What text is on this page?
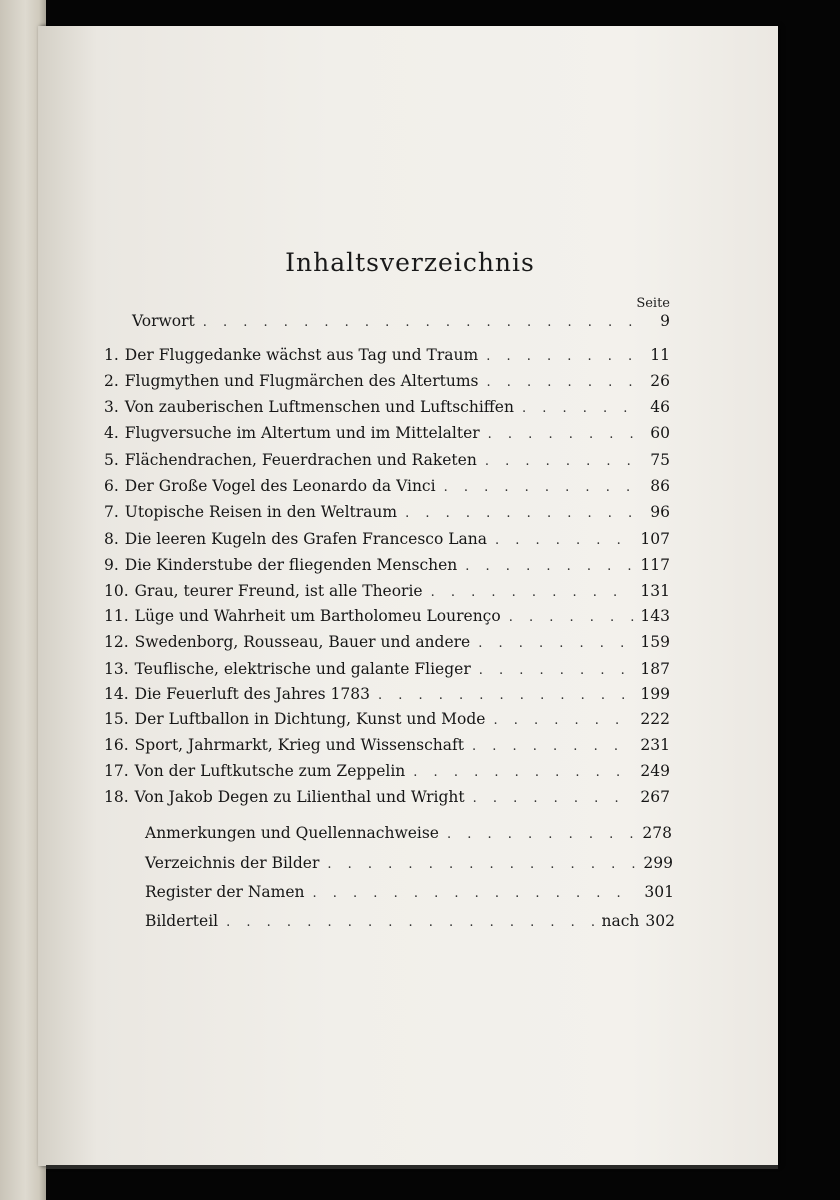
Inhaltsverzeichnis
Seite
Vorwort . . .	9
1. Der Fluggedanke wächst aus Tag und Traum . . .	11
2. Flugmythen und Flugmärchen des Altertums . . .	26
3. Von zauberischen Luftmenschen und Luftschiffen . . .	46
4. Flugversuche im Altertum und im Mittelalter . . .	60
5. Flächendrachen, Feuerdrachen und Raketen . . .	75
6. Der Große Vogel des Leonardo da Vinci . . .	86
7. Utopische Reisen in den Weltraum . . .	96
8. Die leeren Kugeln des Grafen Francesco Lana . . .	107
9. Die Kinderstube der fliegenden Menschen . . .	117
10. Grau, teurer Freund, ist alle Theorie . . .	131
11. Lüge und Wahrheit um Bartholomeu Lourenço . . .	143
12. Swedenborg, Rousseau, Bauer und andere . . .	159
13. Teuflische, elektrische und galante Flieger . . .	187
14. Die Feuerluft des Jahres 1783 . . .	199
15. Der Luftballon in Dichtung, Kunst und Mode . . .	222
16. Sport, Jahrmarkt, Krieg und Wissenschaft . . .	231
17. Von der Luftkutsche zum Zeppelin . . .	249
18. Von Jakob Degen zu Lilienthal und Wright . . .	267
Anmerkungen und Quellennachweise . . .	278
Verzeichnis der Bilder . . .	299
Register der Namen . . .	301
Bilderteil . . .	nach 302
